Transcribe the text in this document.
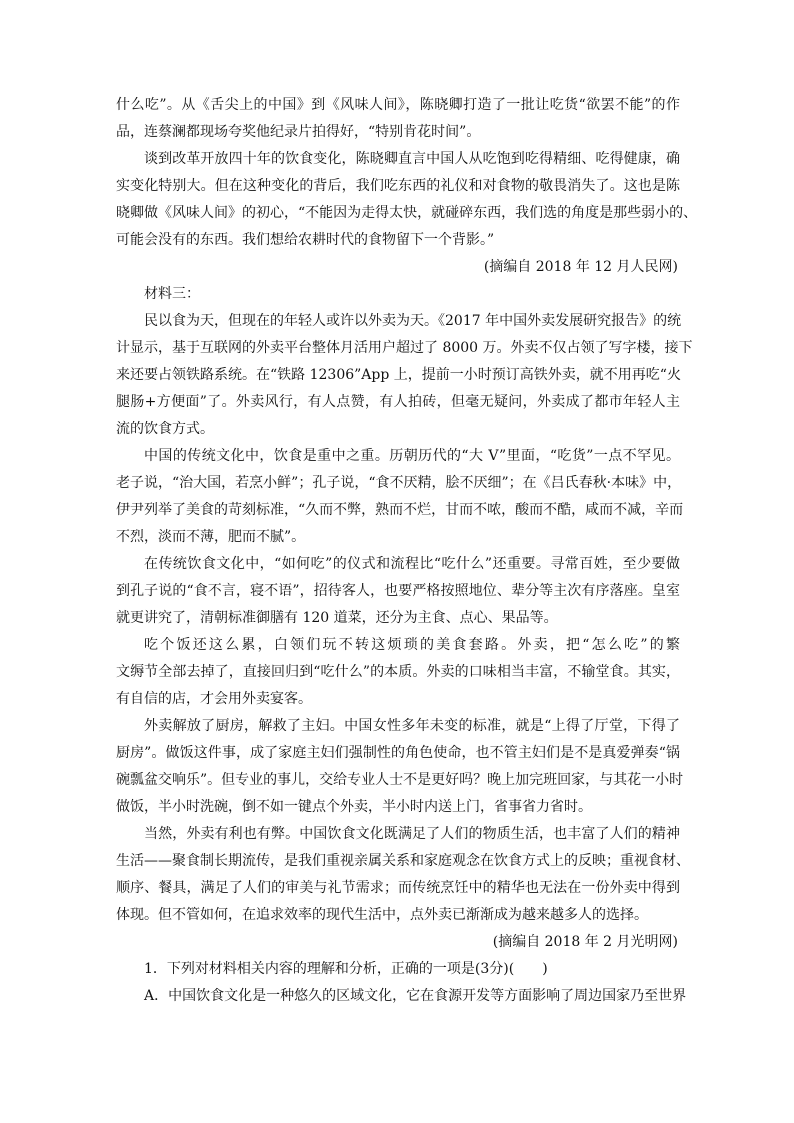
什么吃”。从《舌尖上的中国》到《风味人间》，陈晓卿打造了一批让吃货“欲罢不能”的作
品，连蔡澜都现场夸奖他纪录片拍得好，“特别肯花时间”。
谈到改革开放四十年的饮食变化，陈晓卿直言中国人从吃饱到吃得精细、吃得健康，确
实变化特别大。但在这种变化的背后，我们吃东西的礼仪和对食物的敬畏消失了。这也是陈
晓卿做《风味人间》的初心，“不能因为走得太快，就碰碎东西，我们选的角度是那些弱小的、
可能会没有的东西。我们想给农耕时代的食物留下一个背影。”
(摘编自 2018 年 12 月人民网)
材料三：
民以食为天，但现在的年轻人或许以外卖为天。《2017 年中国外卖发展研究报告》的统
计显示，基于互联网的外卖平台整体月活用户超过了 8000 万。外卖不仅占领了写字楼，接下
来还要占领铁路系统。在“铁路 12306”App 上，提前一小时预订高铁外卖，就不用再吃“火
腿肠+方便面”了。外卖风行，有人点赞，有人拍砖，但毫无疑问，外卖成了都市年轻人主
流的饮食方式。
中国的传统文化中，饮食是重中之重。历朝历代的“大 V”里面，“吃货”一点不罕见。
老子说，“治大国，若烹小鲜”；孔子说，“食不厌精，脍不厌细”；在《吕氏春秋·本味》中，
伊尹列举了美食的苛刻标准，“久而不弊，熟而不烂，甘而不哝，酸而不酷，咸而不减，辛而
不烈，淡而不薄，肥而不腻”。
在传统饮食文化中，“如何吃”的仪式和流程比“吃什么”还重要。寻常百姓，至少要做
到孔子说的“食不言，寝不语”，招待客人，也要严格按照地位、辈分等主次有序落座。皇室
就更讲究了，清朝标准御膳有 120 道菜，还分为主食、点心、果品等。
吃个饭还这么累，白领们玩不转这烦琐的美食套路。外卖，把“怎么吃”的繁
文缛节全部去掉了，直接回归到“吃什么”的本质。外卖的口味相当丰富，不输堂食。其实，
有自信的店，才会用外卖宴客。
外卖解放了厨房，解救了主妇。中国女性多年未变的标准，就是“上得了厅堂，下得了
厨房”。做饭这件事，成了家庭主妇们强制性的角色使命，也不管主妇们是不是真爱弹奏“锅
碗瓢盆交响乐”。但专业的事儿，交给专业人士不是更好吗？晚上加完班回家，与其花一小时
做饭，半小时洗碗，倒不如一键点个外卖，半小时内送上门，省事省力省时。
当然，外卖有利也有弊。中国饮食文化既满足了人们的物质生活，也丰富了人们的精神
生活——聚食制长期流传，是我们重视亲属关系和家庭观念在饮食方式上的反映；重视食材、
顺序、餐具，满足了人们的审美与礼节需求；而传统烹饪中的精华也无法在一份外卖中得到
体现。但不管如何，在追求效率的现代生活中，点外卖已渐渐成为越来越多人的选择。
(摘编自 2018 年 2 月光明网)
1．下列对材料相关内容的理解和分析，正确的一项是(3分)(　　)
A．中国饮食文化是一种悠久的区域文化，它在食源开发等方面影响了周边国家乃至世界
